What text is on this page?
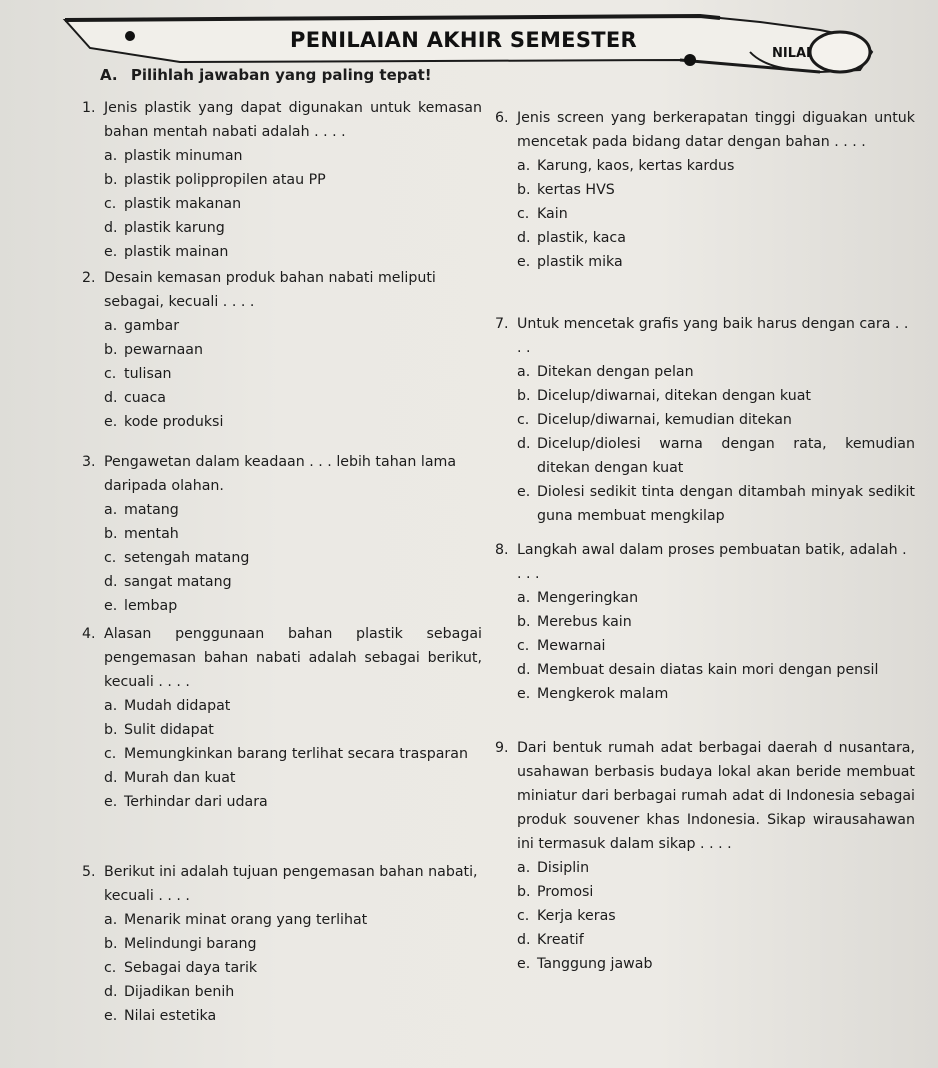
PENILAIAN AKHIR SEMESTER
NILAI
A. Pilihlah jawaban yang paling tepat!
1. Jenis plastik yang dapat digunakan untuk kemasan bahan mentah nabati adalah . . . .
a. plastik minuman
b. plastik polippropilen atau PP
c. plastik makanan
d. plastik karung
e. plastik mainan
2. Desain kemasan produk bahan nabati meliputi sebagai, kecuali . . . .
a. gambar
b. pewarnaan
c. tulisan
d. cuaca
e. kode produksi
3. Pengawetan dalam keadaan . . . lebih tahan lama daripada olahan.
a. matang
b. mentah
c. setengah matang
d. sangat matang
e. lembap
4. Alasan penggunaan bahan plastik sebagai pengemasan bahan nabati adalah sebagai berikut, kecuali . . . .
a. Mudah didapat
b. Sulit didapat
c. Memungkinkan barang terlihat secara trasparan
d. Murah dan kuat
e. Terhindar dari udara
5. Berikut ini adalah tujuan pengemasan bahan nabati, kecuali . . . .
a. Menarik minat orang yang terlihat
b. Melindungi barang
c. Sebagai daya tarik
d. Dijadikan benih
e. Nilai estetika
6. Jenis screen yang berkerapatan tinggi diguakan untuk mencetak pada bidang datar dengan bahan . . . .
a. Karung, kaos, kertas kardus
b. kertas HVS
c. Kain
d. plastik, kaca
e. plastik mika
7. Untuk mencetak grafis yang baik harus dengan cara . . . .
a. Ditekan dengan pelan
b. Dicelup/diwarnai, ditekan dengan kuat
c. Dicelup/diwarnai, kemudian ditekan
d. Dicelup/diolesi warna dengan rata, kemudian ditekan dengan kuat
e. Diolesi sedikit tinta dengan ditambah minyak sedikit guna membuat mengkilap
8. Langkah awal dalam proses pembuatan batik, adalah . . . .
a. Mengeringkan
b. Merebus kain
c. Mewarnai
d. Membuat desain diatas kain mori dengan pensil
e. Mengkerok malam
9. Dari bentuk rumah adat berbagai daerah d nusantara, usahawan berbasis budaya lokal akan beride membuat miniatur dari berbagai rumah adat di Indonesia sebagai produk souvener khas Indonesia. Sikap wirausahawan ini termasuk dalam sikap . . . .
a. Disiplin
b. Promosi
c. Kerja keras
d. Kreatif
e. Tanggung jawab
